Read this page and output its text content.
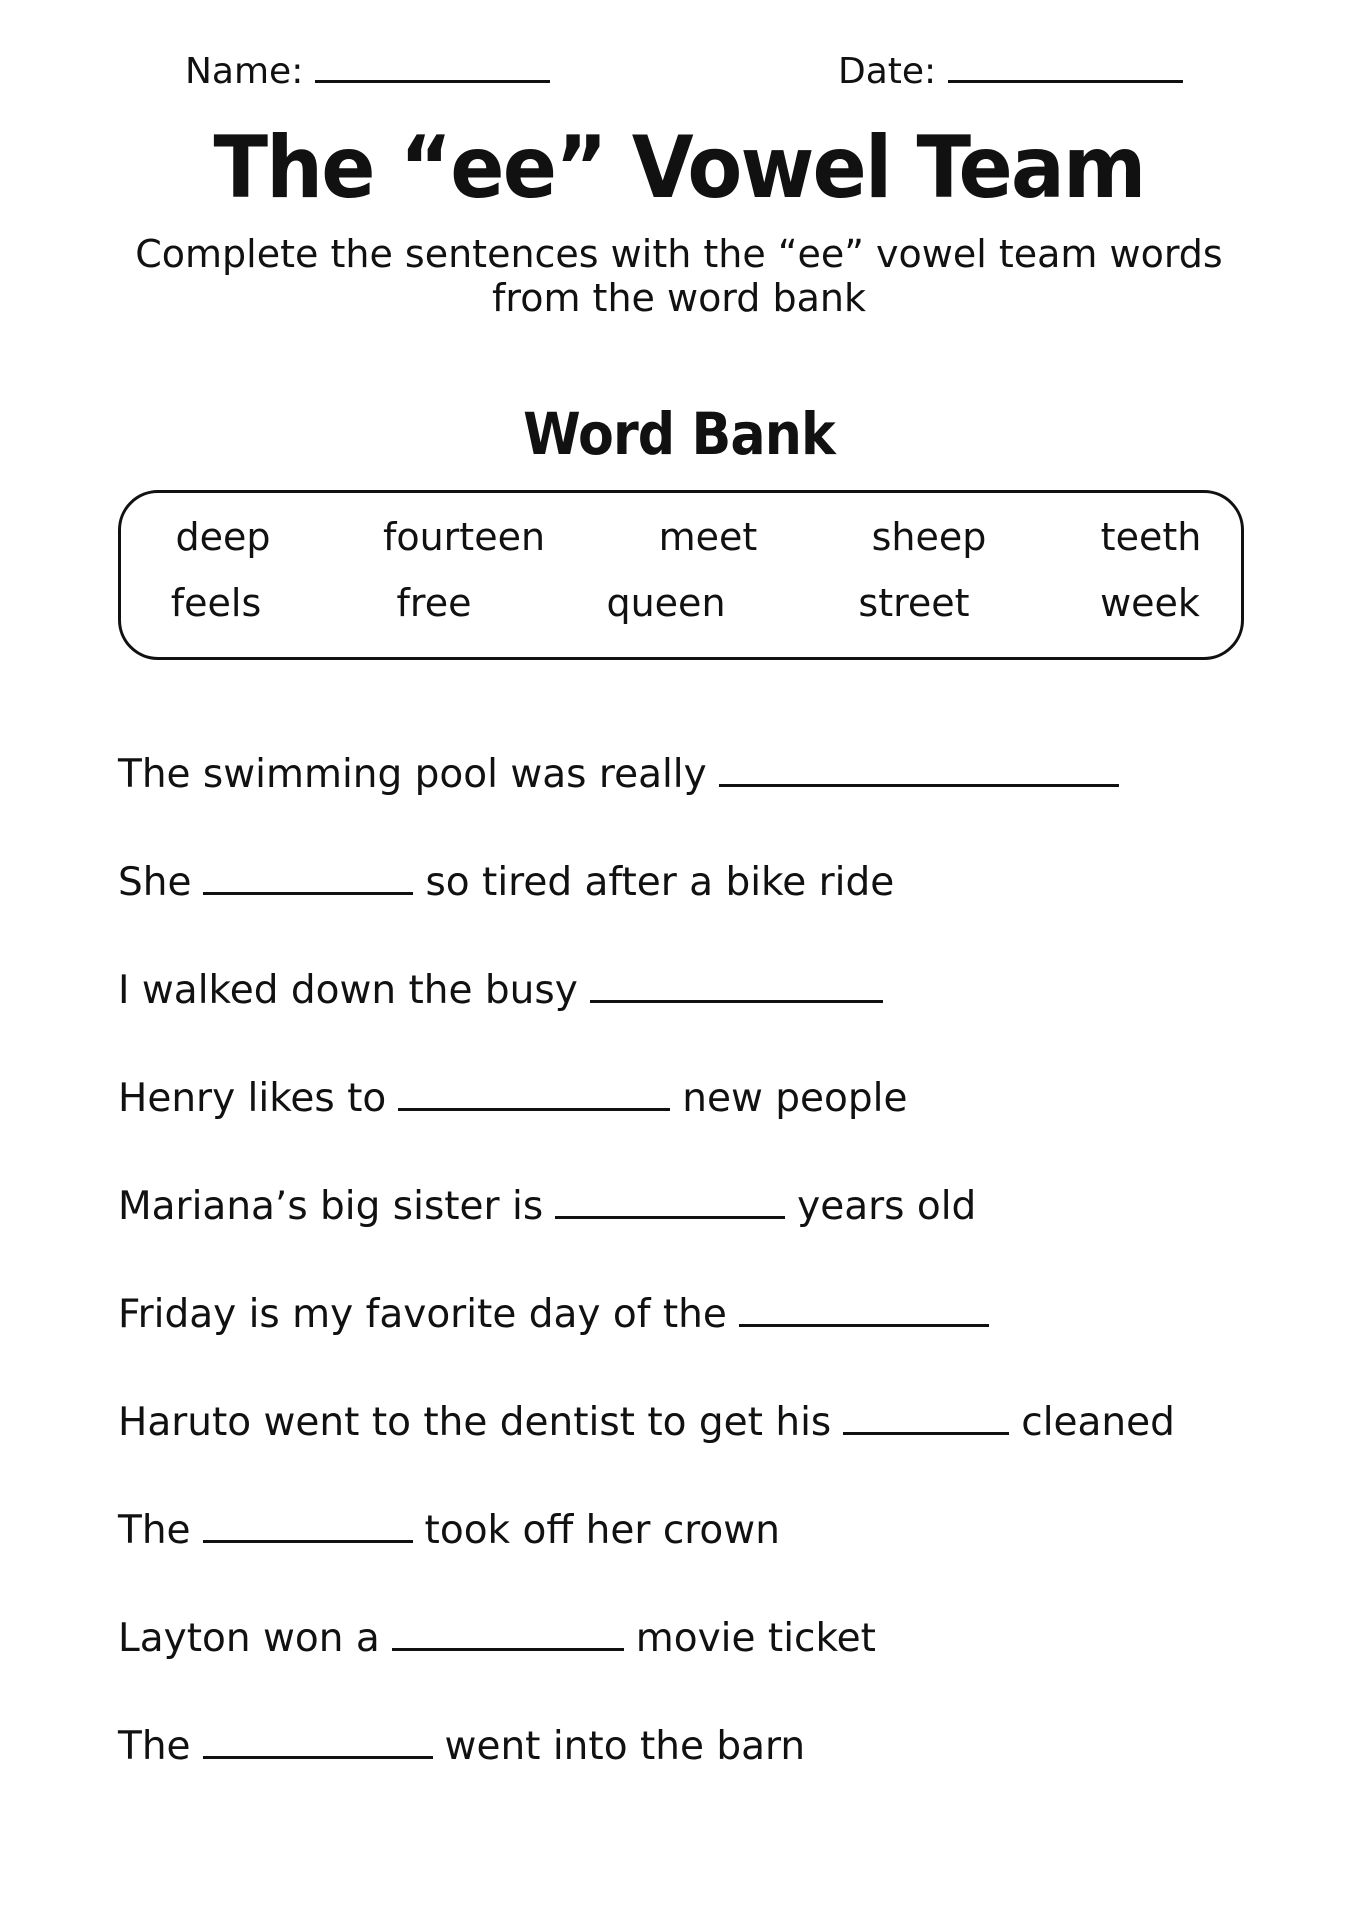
Name:	Date:
The “ee” Vowel Team
Complete the sentences with the “ee” vowel team words
from the word bank
Word Bank
deep	fourteen	meet	sheep	teeth
feels	free	queen	street	week
The swimming pool was really
She	so tired after a bike ride
I walked down the busy
Henry likes to	new people
Mariana’s big sister is	years old
Friday is my favorite day of the
Haruto went to the dentist to get his	cleaned
The	took off her crown
Layton won a	movie ticket
The	went into the barn
